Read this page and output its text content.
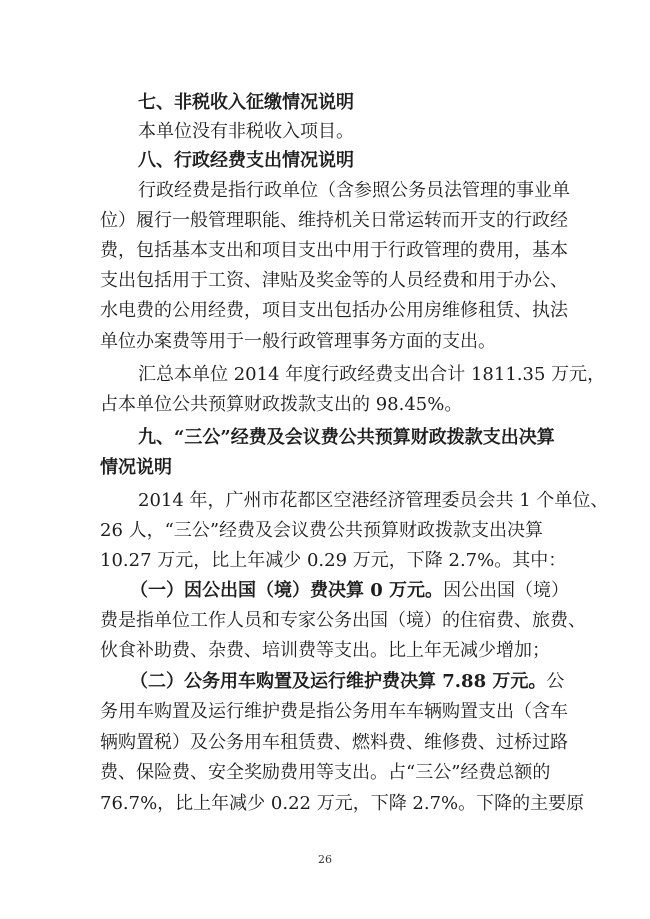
七、非税收入征缴情况说明
本单位没有非税收入项目。
八、行政经费支出情况说明
行政经费是指行政单位（含参照公务员法管理的事业单
位）履行一般管理职能、维持机关日常运转而开支的行政经
费，包括基本支出和项目支出中用于行政管理的费用，基本
支出包括用于工资、津贴及奖金等的人员经费和用于办公、
水电费的公用经费，项目支出包括办公用房维修租赁、执法
单位办案费等用于一般行政管理事务方面的支出。
汇总本单位 2014 年度行政经费支出合计 1811.35 万元，
占本单位公共预算财政拨款支出的 98.45%。
九、“三公”经费及会议费公共预算财政拨款支出决算
情况说明
2014 年，广州市花都区空港经济管理委员会共 1 个单位、
26 人，“三公”经费及会议费公共预算财政拨款支出决算
10.27 万元，比上年减少 0.29 万元，下降 2.7%。其中：
（一）因公出国（境）费决算 0 万元。因公出国（境）
费是指单位工作人员和专家公务出国（境）的住宿费、旅费、
伙食补助费、杂费、培训费等支出。比上年无减少增加；
（二）公务用车购置及运行维护费决算 7.88 万元。公
务用车购置及运行维护费是指公务用车车辆购置支出（含车
辆购置税）及公务用车租赁费、燃料费、维修费、过桥过路
费、保险费、安全奖励费用等支出。占“三公”经费总额的
76.7%，比上年减少 0.22 万元，下降 2.7%。下降的主要原
26
